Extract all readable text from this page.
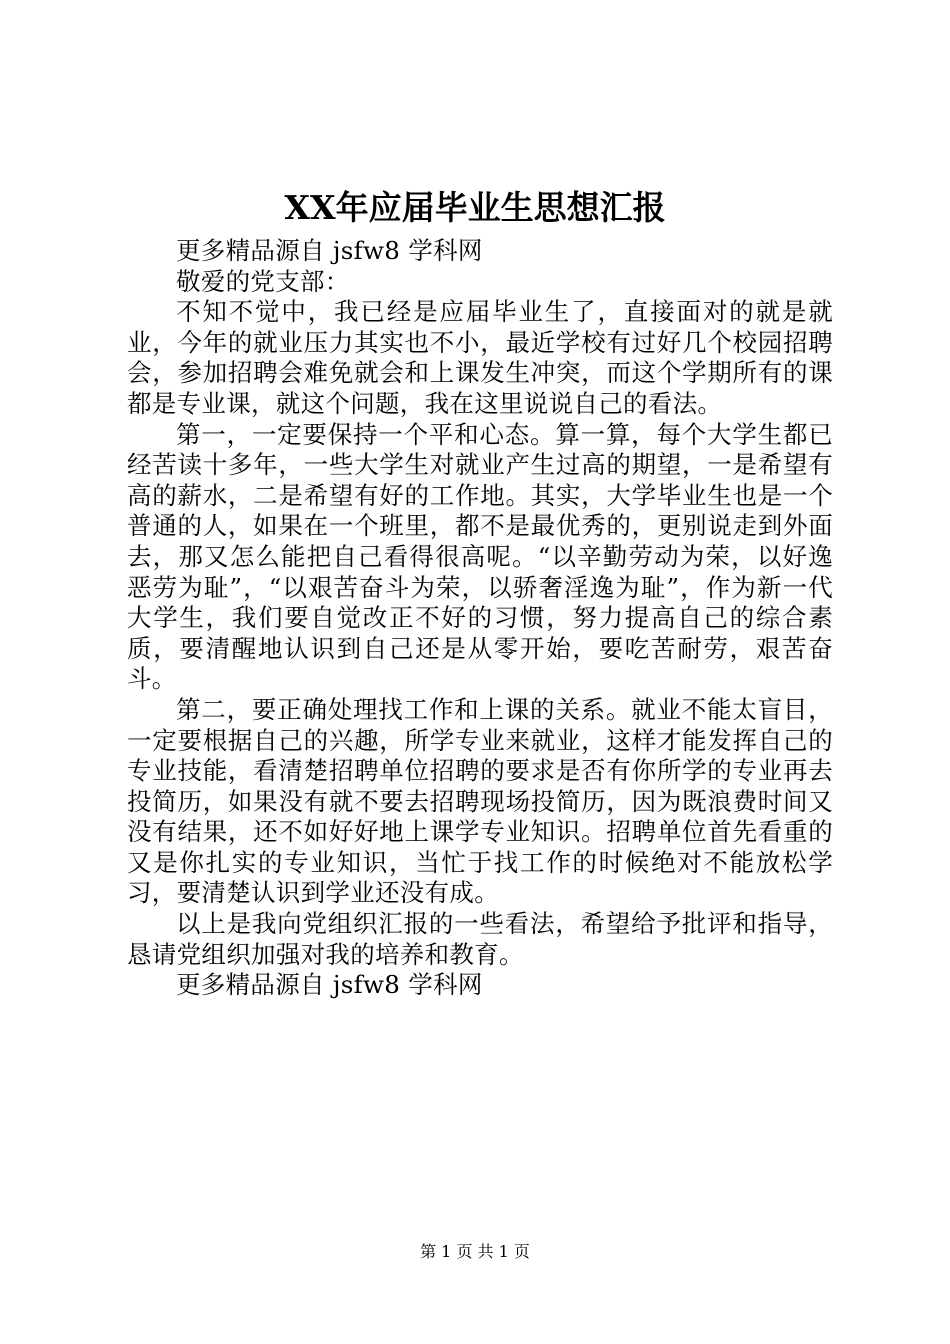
XX年应届毕业生思想汇报

更多精品源自 jsfw8 学科网

敬爱的党支部：

不知不觉中，我已经是应届毕业生了，直接面对的就是就业，今年的就业压力其实也不小，最近学校有过好几个校园招聘会，参加招聘会难免就会和上课发生冲突，而这个学期所有的课都是专业课，就这个问题，我在这里说说自己的看法。

第一，一定要保持一个平和心态。算一算，每个大学生都已经苦读十多年，一些大学生对就业产生过高的期望，一是希望有高的薪水，二是希望有好的工作地。其实，大学毕业生也是一个普通的人，如果在一个班里，都不是最优秀的，更别说走到外面去，那又怎么能把自己看得很高呢。“以辛勤劳动为荣，以好逸恶劳为耻”，“以艰苦奋斗为荣，以骄奢淫逸为耻”，作为新一代大学生，我们要自觉改正不好的习惯，努力提高自己的综合素质，要清醒地认识到自己还是从零开始，要吃苦耐劳，艰苦奋斗。

第二，要正确处理找工作和上课的关系。就业不能太盲目，一定要根据自己的兴趣，所学专业来就业，这样才能发挥自己的专业技能，看清楚招聘单位招聘的要求是否有你所学的专业再去投简历，如果没有就不要去招聘现场投简历，因为既浪费时间又没有结果，还不如好好地上课学专业知识。招聘单位首先看重的又是你扎实的专业知识，当忙于找工作的时候绝对不能放松学习，要清楚认识到学业还没有成。

以上是我向党组织汇报的一些看法，希望给予批评和指导，恳请党组织加强对我的培养和教育。

更多精品源自 jsfw8 学科网

第 1 页 共 1 页
